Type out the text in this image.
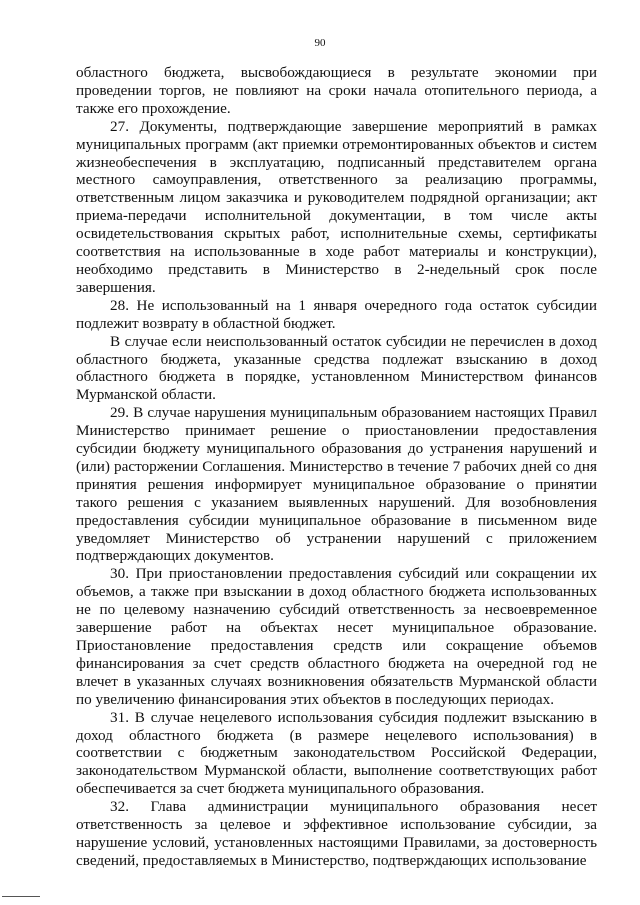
90

областного бюджета, высвобождающиеся в результате экономии при проведении торгов, не повлияют на сроки начала отопительного периода, а также его прохождение.

27. Документы, подтверждающие завершение мероприятий в рамках муниципальных программ (акт приемки отремонтированных объектов и систем жизнеобеспечения в эксплуатацию, подписанный представителем органа местного самоуправления, ответственного за реализацию программы, ответственным лицом заказчика и руководителем подрядной организации; акт приема-передачи исполнительной документации, в том числе акты освидетельствования скрытых работ, исполнительные схемы, сертификаты соответствия на использованные в ходе работ материалы и конструкции), необходимо представить в Министерство в 2-недельный срок после завершения.

28. Не использованный на 1 января очередного года остаток субсидии подлежит возврату в областной бюджет.

В случае если неиспользованный остаток субсидии не перечислен в доход областного бюджета, указанные средства подлежат взысканию в доход областного бюджета в порядке, установленном Министерством финансов Мурманской области.

29. В случае нарушения муниципальным образованием настоящих Правил Министерство принимает решение о приостановлении предоставления субсидии бюджету муниципального образования до устранения нарушений и (или) расторжении Соглашения. Министерство в течение 7 рабочих дней со дня принятия решения информирует муниципальное образование о принятии такого решения с указанием выявленных нарушений. Для возобновления предоставления субсидии муниципальное образование в письменном виде уведомляет Министерство об устранении нарушений с приложением подтверждающих документов.

30. При приостановлении предоставления субсидий или сокращении их объемов, а также при взыскании в доход областного бюджета использованных не по целевому назначению субсидий ответственность за несвоевременное завершение работ на объектах несет муниципальное образование. Приостановление предоставления средств или сокращение объемов финансирования за счет средств областного бюджета на очередной год не влечет в указанных случаях возникновения обязательств Мурманской области по увеличению финансирования этих объектов в последующих периодах.

31. В случае нецелевого использования субсидия подлежит взысканию в доход областного бюджета (в размере нецелевого использования) в соответствии с бюджетным законодательством Российской Федерации, законодательством Мурманской области, выполнение соответствующих работ обеспечивается за счет бюджета муниципального образования.

32. Глава администрации муниципального образования несет ответственность за целевое и эффективное использование субсидии, за нарушение условий, установленных настоящими Правилами, за достоверность сведений, предоставляемых в Министерство, подтверждающих использование
